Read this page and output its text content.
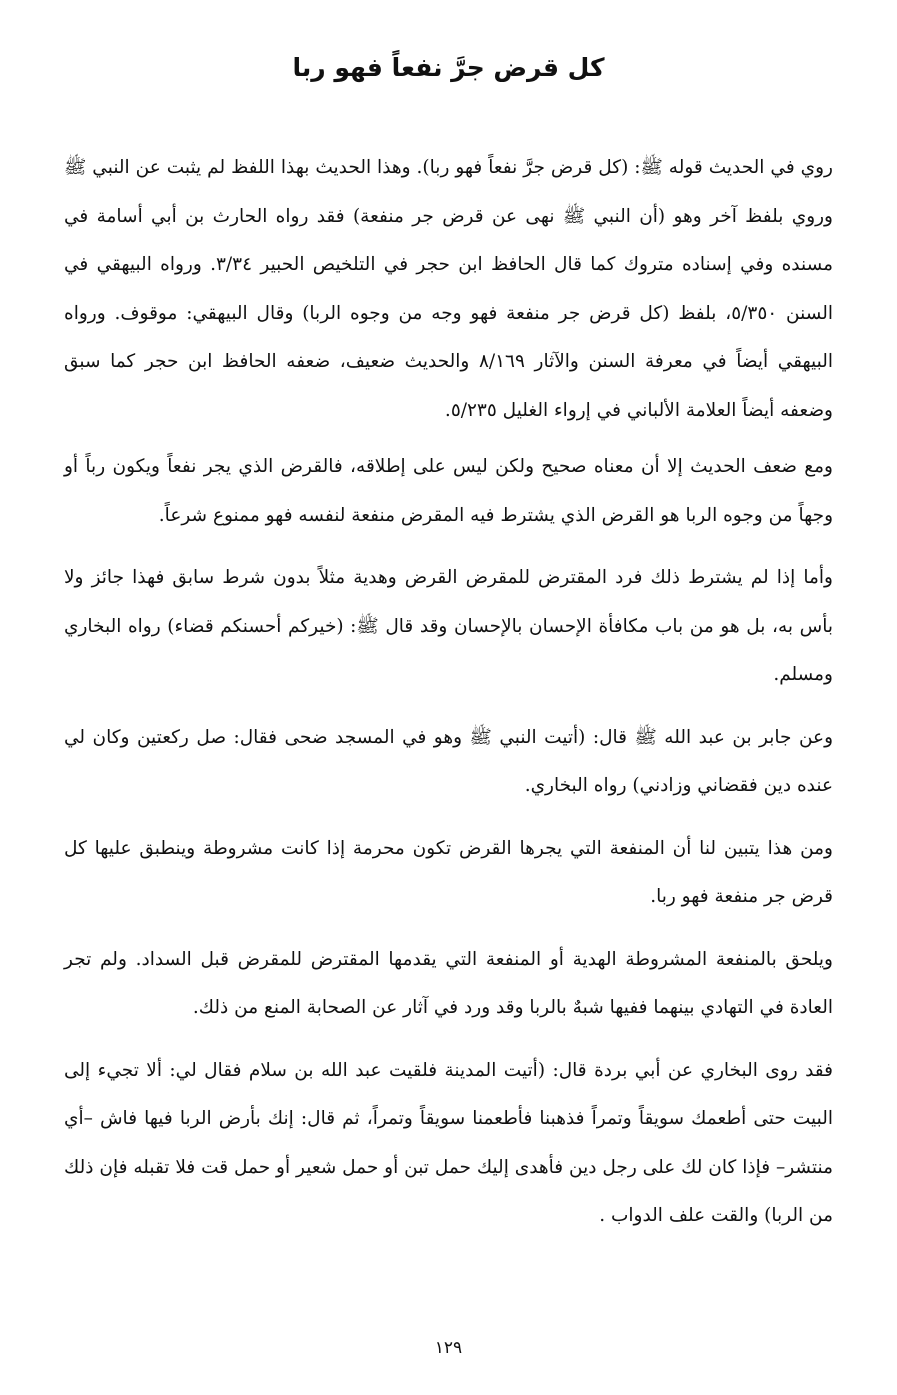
كل قرض جرَّ نفعاً فهو ربا

روي في الحديث قوله ﷺ: (كل قرض جرَّ نفعاً فهو ربا). وهذا الحديث بهذا اللفظ لم يثبت عن النبي ﷺ وروي بلفظ آخر وهو (أن النبي ﷺ نهى عن قرض جر منفعة) فقد رواه الحارث بن أبي أسامة في مسنده وفي إسناده متروك كما قال الحافظ ابن حجر في التلخيص الحبير ٣/٣٤. ورواه البيهقي في السنن ٥/٣٥٠، بلفظ (كل قرض جر منفعة فهو وجه من وجوه الربا) وقال البيهقي: موقوف. ورواه البيهقي أيضاً في معرفة السنن والآثار ٨/١٦٩ والحديث ضعيف، ضعفه الحافظ ابن حجر كما سبق وضعفه أيضاً العلامة الألباني في إرواء الغليل ٥/٢٣٥.

ومع ضعف الحديث إلا أن معناه صحيح ولكن ليس على إطلاقه، فالقرض الذي يجر نفعاً ويكون رباً أو وجهاً من وجوه الربا هو القرض الذي يشترط فيه المقرض منفعة لنفسه فهو ممنوع شرعاً.

وأما إذا لم يشترط ذلك فرد المقترض للمقرض القرض وهدية مثلاً بدون شرط سابق فهذا جائز ولا بأس به، بل هو من باب مكافأة الإحسان بالإحسان وقد قال ﷺ: (خيركم أحسنكم قضاء) رواه البخاري ومسلم.

وعن جابر بن عبد الله ﷺ قال: (أتيت النبي ﷺ وهو في المسجد ضحى فقال: صل ركعتين وكان لي عنده دين فقضاني وزادني) رواه البخاري.

ومن هذا يتبين لنا أن المنفعة التي يجرها القرض تكون محرمة إذا كانت مشروطة وينطبق عليها كل قرض جر منفعة فهو ربا.

ويلحق بالمنفعة المشروطة الهدية أو المنفعة التي يقدمها المقترض للمقرض قبل السداد. ولم تجر العادة في التهادي بينهما ففيها شبهٌ بالربا وقد ورد في آثار عن الصحابة المنع من ذلك.

فقد روى البخاري عن أبي بردة قال: (أتيت المدينة فلقيت عبد الله بن سلام فقال لي: ألا تجيء إلى البيت حتى أطعمك سويقاً وتمراً فذهبنا فأطعمنا سويقاً وتمراً، ثم قال: إنك بأرض الربا فيها فاش –أي منتشر– فإذا كان لك على رجل دين فأهدى إليك حمل تبن أو حمل شعير أو حمل قت فلا تقبله فإن ذلك من الربا) والقت علف الدواب .

١٢٩
